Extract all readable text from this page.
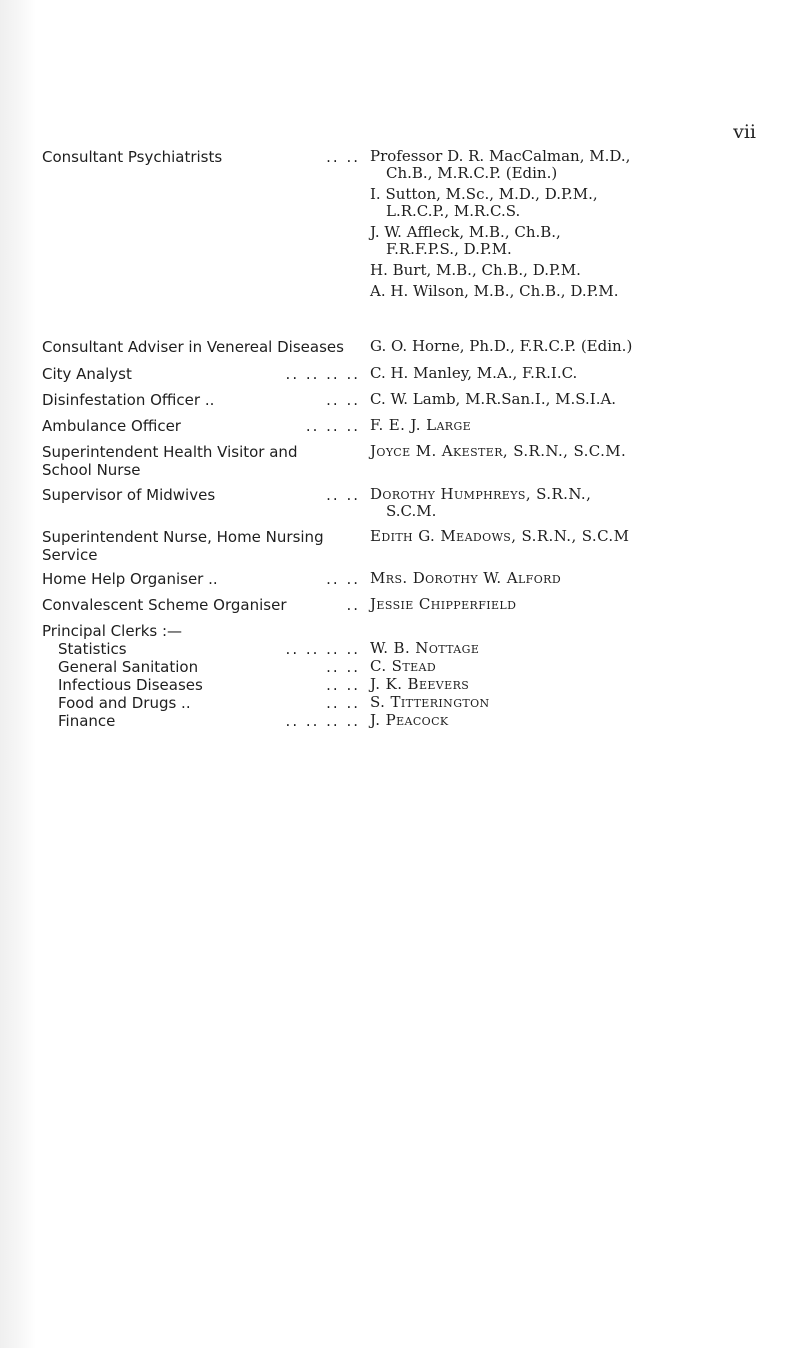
vii
Consultant Psychiatrists	.. .. Professor D. R. MacCalman, M.D.,
Ch.B., M.R.C.P. (Edin.)
I. Sutton, M.Sc., M.D., D.P.M.,
L.R.C.P., M.R.C.S.
J. W. Affleck, M.B., Ch.B.,
F.R.F.P.S., D.P.M.
H. Burt, M.B., Ch.B., D.P.M.
A. H. Wilson, M.B., Ch.B., D.P.M.
Consultant Adviser in Venereal Diseases	G. O. Horne, Ph.D., F.R.C.P. (Edin.)
City Analyst	.. .. .. .. C. H. Manley, M.A., F.R.I.C.
Disinfestation Officer ..	.. .. C. W. Lamb, M.R.San.I., M.S.I.A.
Ambulance Officer	.. .. .. F. E. J. Large
Superintendent Health Visitor and
School Nurse
Joyce M. Akester, S.R.N., S.C.M.
Supervisor of Midwives	.. .. Dorothy Humphreys, S.R.N.,
S.C.M.
Superintendent Nurse, Home Nursing
Service
Edith G. Meadows, S.R.N., S.C.M
Home Help Organiser ..	.. .. Mrs. Dorothy W. Alford
Convalescent Scheme Organiser	.. Jessie Chipperfield
Principal Clerks :—
Statistics	.. .. .. .. W. B. Nottage
General Sanitation	.. .. C. Stead
Infectious Diseases	.. .. J. K. Beevers
Food and Drugs ..	.. .. S. Titterington
Finance	.. .. .. .. J. Peacock
